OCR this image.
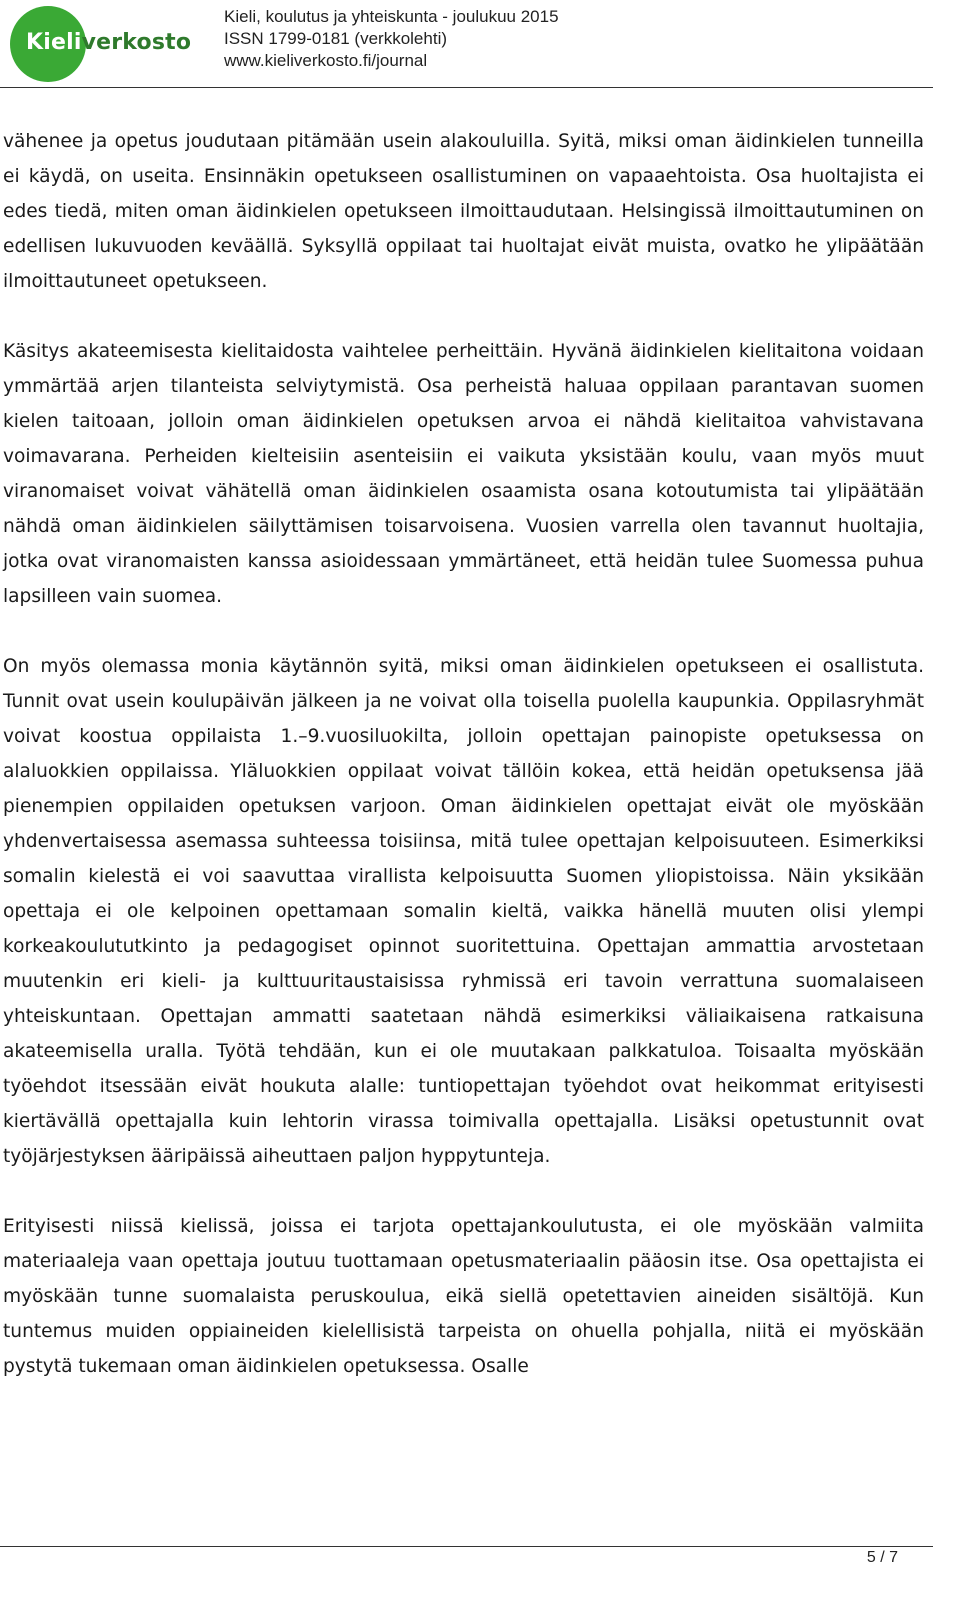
Kieliverkosto
Kieli, koulutus ja yhteiskunta - joulukuu 2015
ISSN 1799-0181 (verkkolehti)
www.kieliverkosto.fi/journal

vähenee ja opetus joudutaan pitämään usein alakouluilla. Syitä, miksi oman äidinkielen tunneilla ei käydä, on useita. Ensinnäkin opetukseen osallistuminen on vapaaehtoista. Osa huoltajista ei edes tiedä, miten oman äidinkielen opetukseen ilmoittaudutaan. Helsingissä ilmoittautuminen on edellisen lukuvuoden keväällä. Syksyllä oppilaat tai huoltajat eivät muista, ovatko he ylipäätään ilmoittautuneet opetukseen.

Käsitys akateemisesta kielitaidosta vaihtelee perheittäin. Hyvänä äidinkielen kielitaitona voidaan ymmärtää arjen tilanteista selviytymistä. Osa perheistä haluaa oppilaan parantavan suomen kielen taitoaan, jolloin oman äidinkielen opetuksen arvoa ei nähdä kielitaitoa vahvistavana voimavarana. Perheiden kielteisiin asenteisiin ei vaikuta yksistään koulu, vaan myös muut viranomaiset voivat vähätellä oman äidinkielen osaamista osana kotoutumista tai ylipäätään nähdä oman äidinkielen säilyttämisen toisarvoisena. Vuosien varrella olen tavannut huoltajia, jotka ovat viranomaisten kanssa asioidessaan ymmärtäneet, että heidän tulee Suomessa puhua lapsilleen vain suomea.

On myös olemassa monia käytännön syitä, miksi oman äidinkielen opetukseen ei osallistuta. Tunnit ovat usein koulupäivän jälkeen ja ne voivat olla toisella puolella kaupunkia. Oppilasryhmät voivat koostua oppilaista 1.–9.vuosiluokilta, jolloin opettajan painopiste opetuksessa on alaluokkien oppilaissa. Yläluokkien oppilaat voivat tällöin kokea, että heidän opetuksensa jää pienempien oppilaiden opetuksen varjoon. Oman äidinkielen opettajat eivät ole myöskään yhdenvertaisessa asemassa suhteessa toisiinsa, mitä tulee opettajan kelpoisuuteen. Esimerkiksi somalin kielestä ei voi saavuttaa virallista kelpoisuutta Suomen yliopistoissa. Näin yksikään opettaja ei ole kelpoinen opettamaan somalin kieltä, vaikka hänellä muuten olisi ylempi korkeakoulututkinto ja pedagogiset opinnot suoritettuina. Opettajan ammattia arvostetaan muutenkin eri kieli- ja kulttuuritaustaisissa ryhmissä eri tavoin verrattuna suomalaiseen yhteiskuntaan. Opettajan ammatti saatetaan nähdä esimerkiksi väliaikaisena ratkaisuna akateemisella uralla. Työtä tehdään, kun ei ole muutakaan palkkatuloa. Toisaalta myöskään työehdot itsessään eivät houkuta alalle: tuntiopettajan työehdot ovat heikommat erityisesti kiertävällä opettajalla kuin lehtorin virassa toimivalla opettajalla. Lisäksi opetustunnit ovat työjärjestyksen ääripäissä aiheuttaen paljon hyppytunteja.

Erityisesti niissä kielissä, joissa ei tarjota opettajankoulutusta, ei ole myöskään valmiita materiaaleja vaan opettaja joutuu tuottamaan opetusmateriaalin pääosin itse. Osa opettajista ei myöskään tunne suomalaista peruskoulua, eikä siellä opetettavien aineiden sisältöjä. Kun tuntemus muiden oppiaineiden kielellisistä tarpeista on ohuella pohjalla, niitä ei myöskään pystytä tukemaan oman äidinkielen opetuksessa. Osalle

5 / 7
